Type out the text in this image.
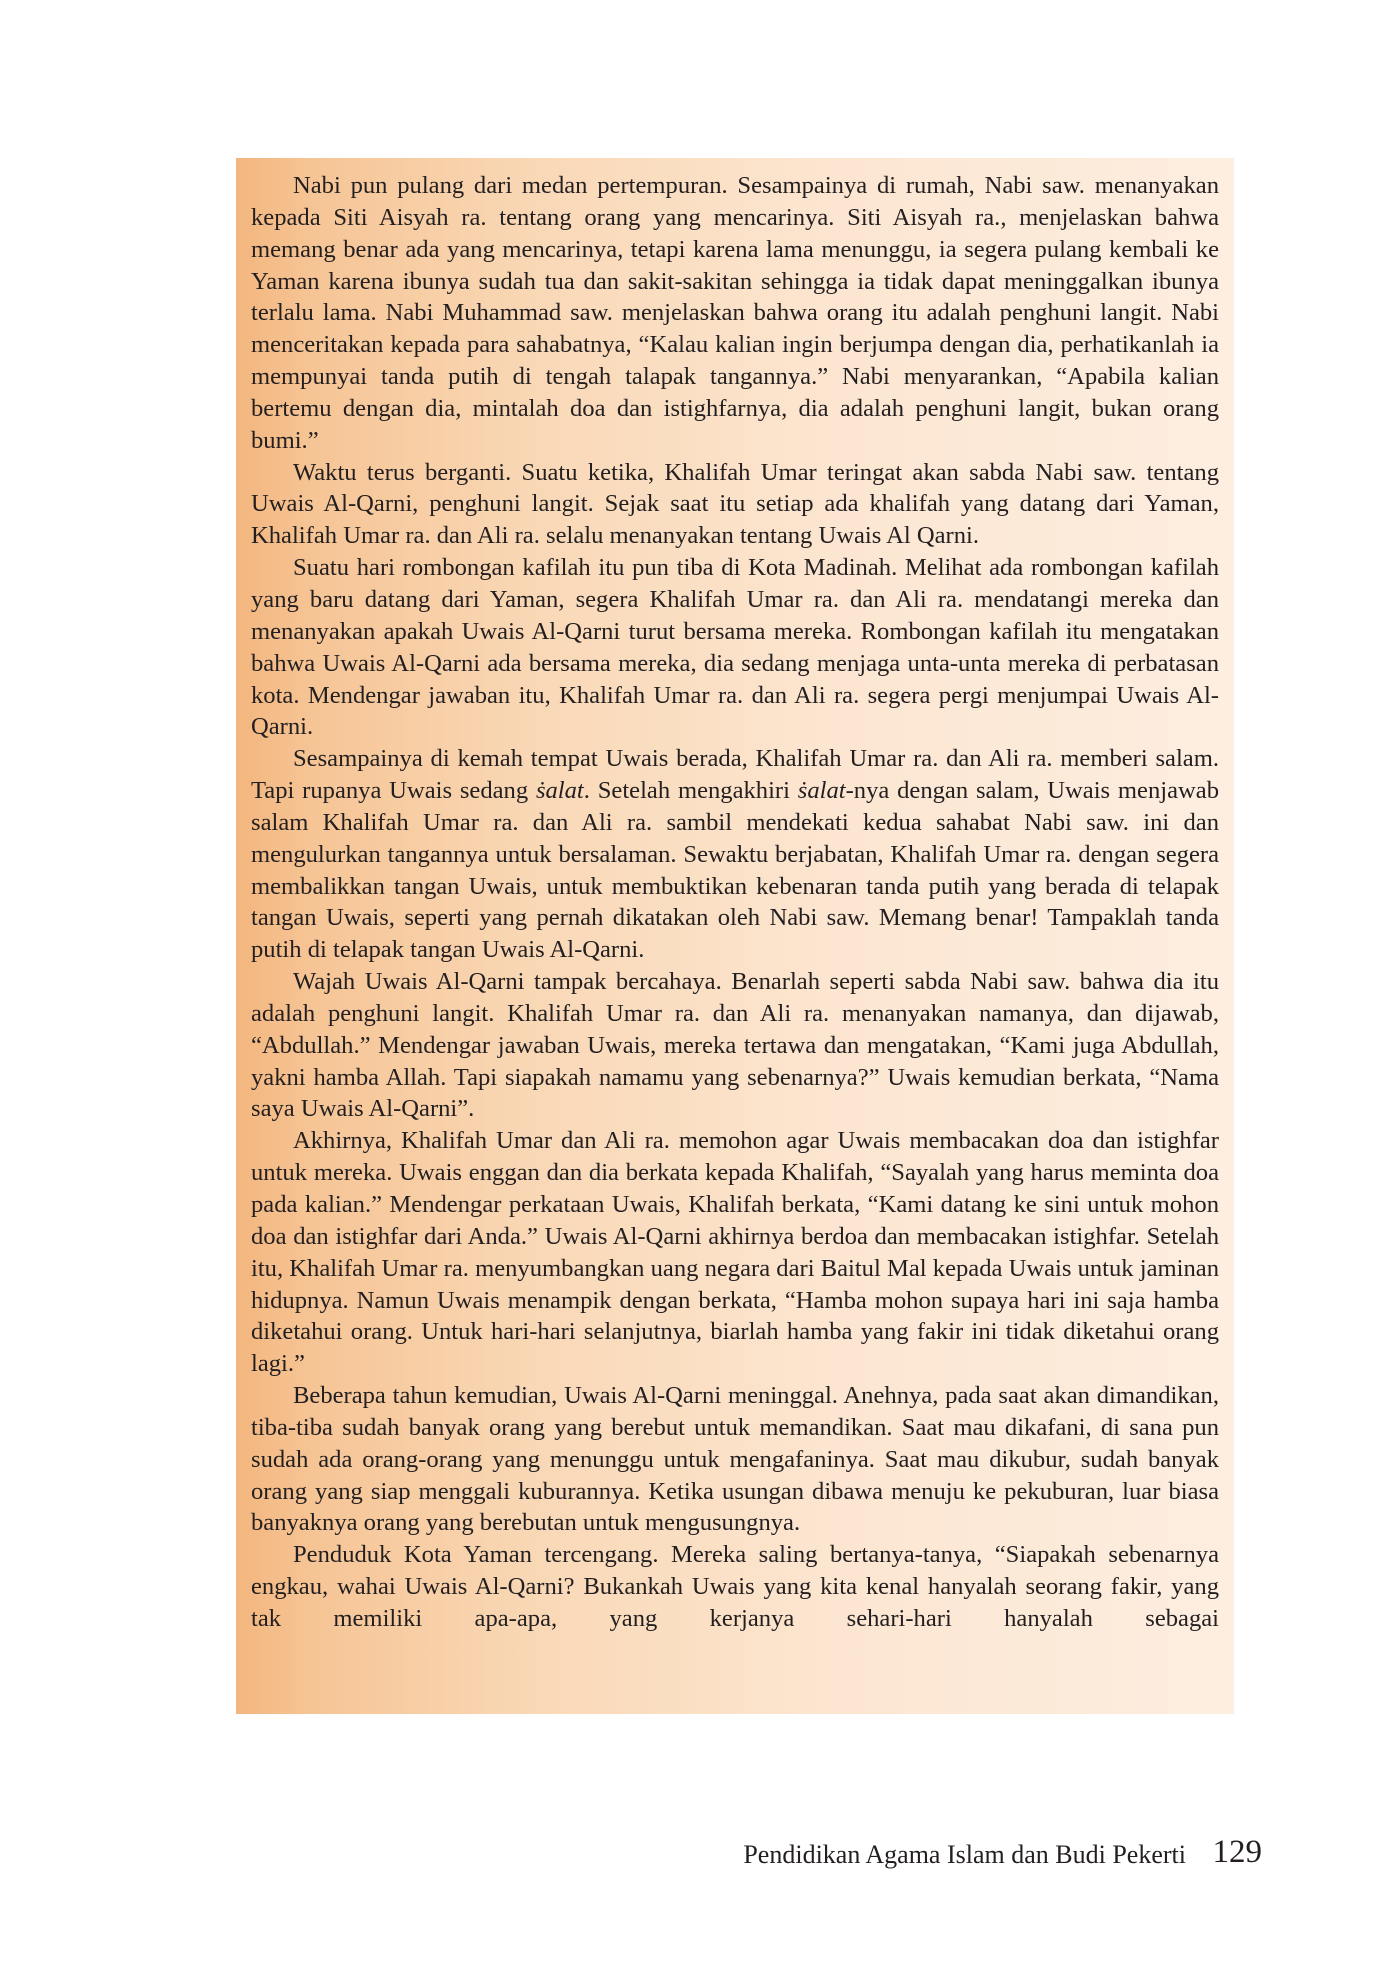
Nabi pun pulang dari medan pertempuran. Sesampainya di rumah, Nabi saw. menanyakan kepada Siti Aisyah ra. tentang orang yang mencarinya. Siti Aisyah ra., menjelaskan bahwa memang benar ada yang mencarinya, tetapi karena lama menunggu, ia segera pulang kembali ke Yaman karena ibunya sudah tua dan sakit-sakitan sehingga ia tidak dapat meninggalkan ibunya terlalu lama. Nabi Muhammad saw. menjelaskan bahwa orang itu adalah penghuni langit. Nabi menceritakan kepada para sahabatnya, “Kalau kalian ingin berjumpa dengan dia, perhatikanlah ia mempunyai tanda putih di tengah talapak tangannya.” Nabi menyarankan, “Apabila kalian bertemu dengan dia, mintalah doa dan istighfarnya, dia adalah penghuni langit, bukan orang bumi.”

Waktu terus berganti. Suatu ketika, Khalifah Umar teringat akan sabda Nabi saw. tentang Uwais Al-Qarni, penghuni langit. Sejak saat itu setiap ada khalifah yang datang dari Yaman, Khalifah Umar ra. dan Ali ra. selalu menanyakan tentang Uwais Al Qarni.

Suatu hari rombongan kafilah itu pun tiba di Kota Madinah. Melihat ada rombongan kafilah yang baru datang dari Yaman, segera Khalifah Umar ra. dan Ali ra. mendatangi mereka dan menanyakan apakah Uwais Al-Qarni turut bersama mereka. Rombongan kafilah itu mengatakan bahwa Uwais Al-Qarni ada bersama mereka, dia sedang menjaga unta-unta mereka di perbatasan kota. Mendengar jawaban itu, Khalifah Umar ra. dan Ali ra. segera pergi menjumpai Uwais Al-Qarni.

Sesampainya di kemah tempat Uwais berada, Khalifah Umar ra. dan Ali ra. memberi salam. Tapi rupanya Uwais sedang ṡalat. Setelah mengakhiri ṡalat-nya dengan salam, Uwais menjawab salam Khalifah Umar ra. dan Ali ra. sambil mendekati kedua sahabat Nabi saw. ini dan mengulurkan tangannya untuk bersalaman. Sewaktu berjabatan, Khalifah Umar ra. dengan segera membalikkan tangan Uwais, untuk membuktikan kebenaran tanda putih yang berada di telapak tangan Uwais, seperti yang pernah dikatakan oleh Nabi saw. Memang benar! Tampaklah tanda putih di telapak tangan Uwais Al-Qarni.

Wajah Uwais Al-Qarni tampak bercahaya. Benarlah seperti sabda Nabi saw. bahwa dia itu adalah penghuni langit. Khalifah Umar ra. dan Ali ra. menanyakan namanya, dan dijawab, “Abdullah.” Mendengar jawaban Uwais, mereka tertawa dan mengatakan, “Kami juga Abdullah, yakni hamba Allah. Tapi siapakah namamu yang sebenarnya?” Uwais kemudian berkata, “Nama saya Uwais Al-Qarni”.

Akhirnya, Khalifah Umar dan Ali ra. memohon agar Uwais membacakan doa dan istighfar untuk mereka. Uwais enggan dan dia berkata kepada Khalifah, “Sayalah yang harus meminta doa pada kalian.” Mendengar perkataan Uwais, Khalifah berkata, “Kami datang ke sini untuk mohon doa dan istighfar dari Anda.” Uwais Al-Qarni akhirnya berdoa dan membacakan istighfar. Setelah itu, Khalifah Umar ra. menyumbangkan uang negara dari Baitul Mal kepada Uwais untuk jaminan hidupnya. Namun Uwais menampik dengan berkata, “Hamba mohon supaya hari ini saja hamba diketahui orang. Untuk hari-hari selanjutnya, biarlah hamba yang fakir ini tidak diketahui orang lagi.”

Beberapa tahun kemudian, Uwais Al-Qarni meninggal. Anehnya, pada saat akan dimandikan, tiba-tiba sudah banyak orang yang berebut untuk memandikan. Saat mau dikafani, di sana pun sudah ada orang-orang yang menunggu untuk mengafaninya. Saat mau dikubur, sudah banyak orang yang siap menggali kuburannya. Ketika usungan dibawa menuju ke pekuburan, luar biasa banyaknya orang yang berebutan untuk mengusungnya.

Penduduk Kota Yaman tercengang. Mereka saling bertanya-tanya, “Siapakah sebenarnya engkau, wahai Uwais Al-Qarni? Bukankah Uwais yang kita kenal hanyalah seorang fakir, yang tak memiliki apa-apa, yang kerjanya sehari-hari hanyalah sebagai

Pendidikan Agama Islam dan Budi Pekerti 129
